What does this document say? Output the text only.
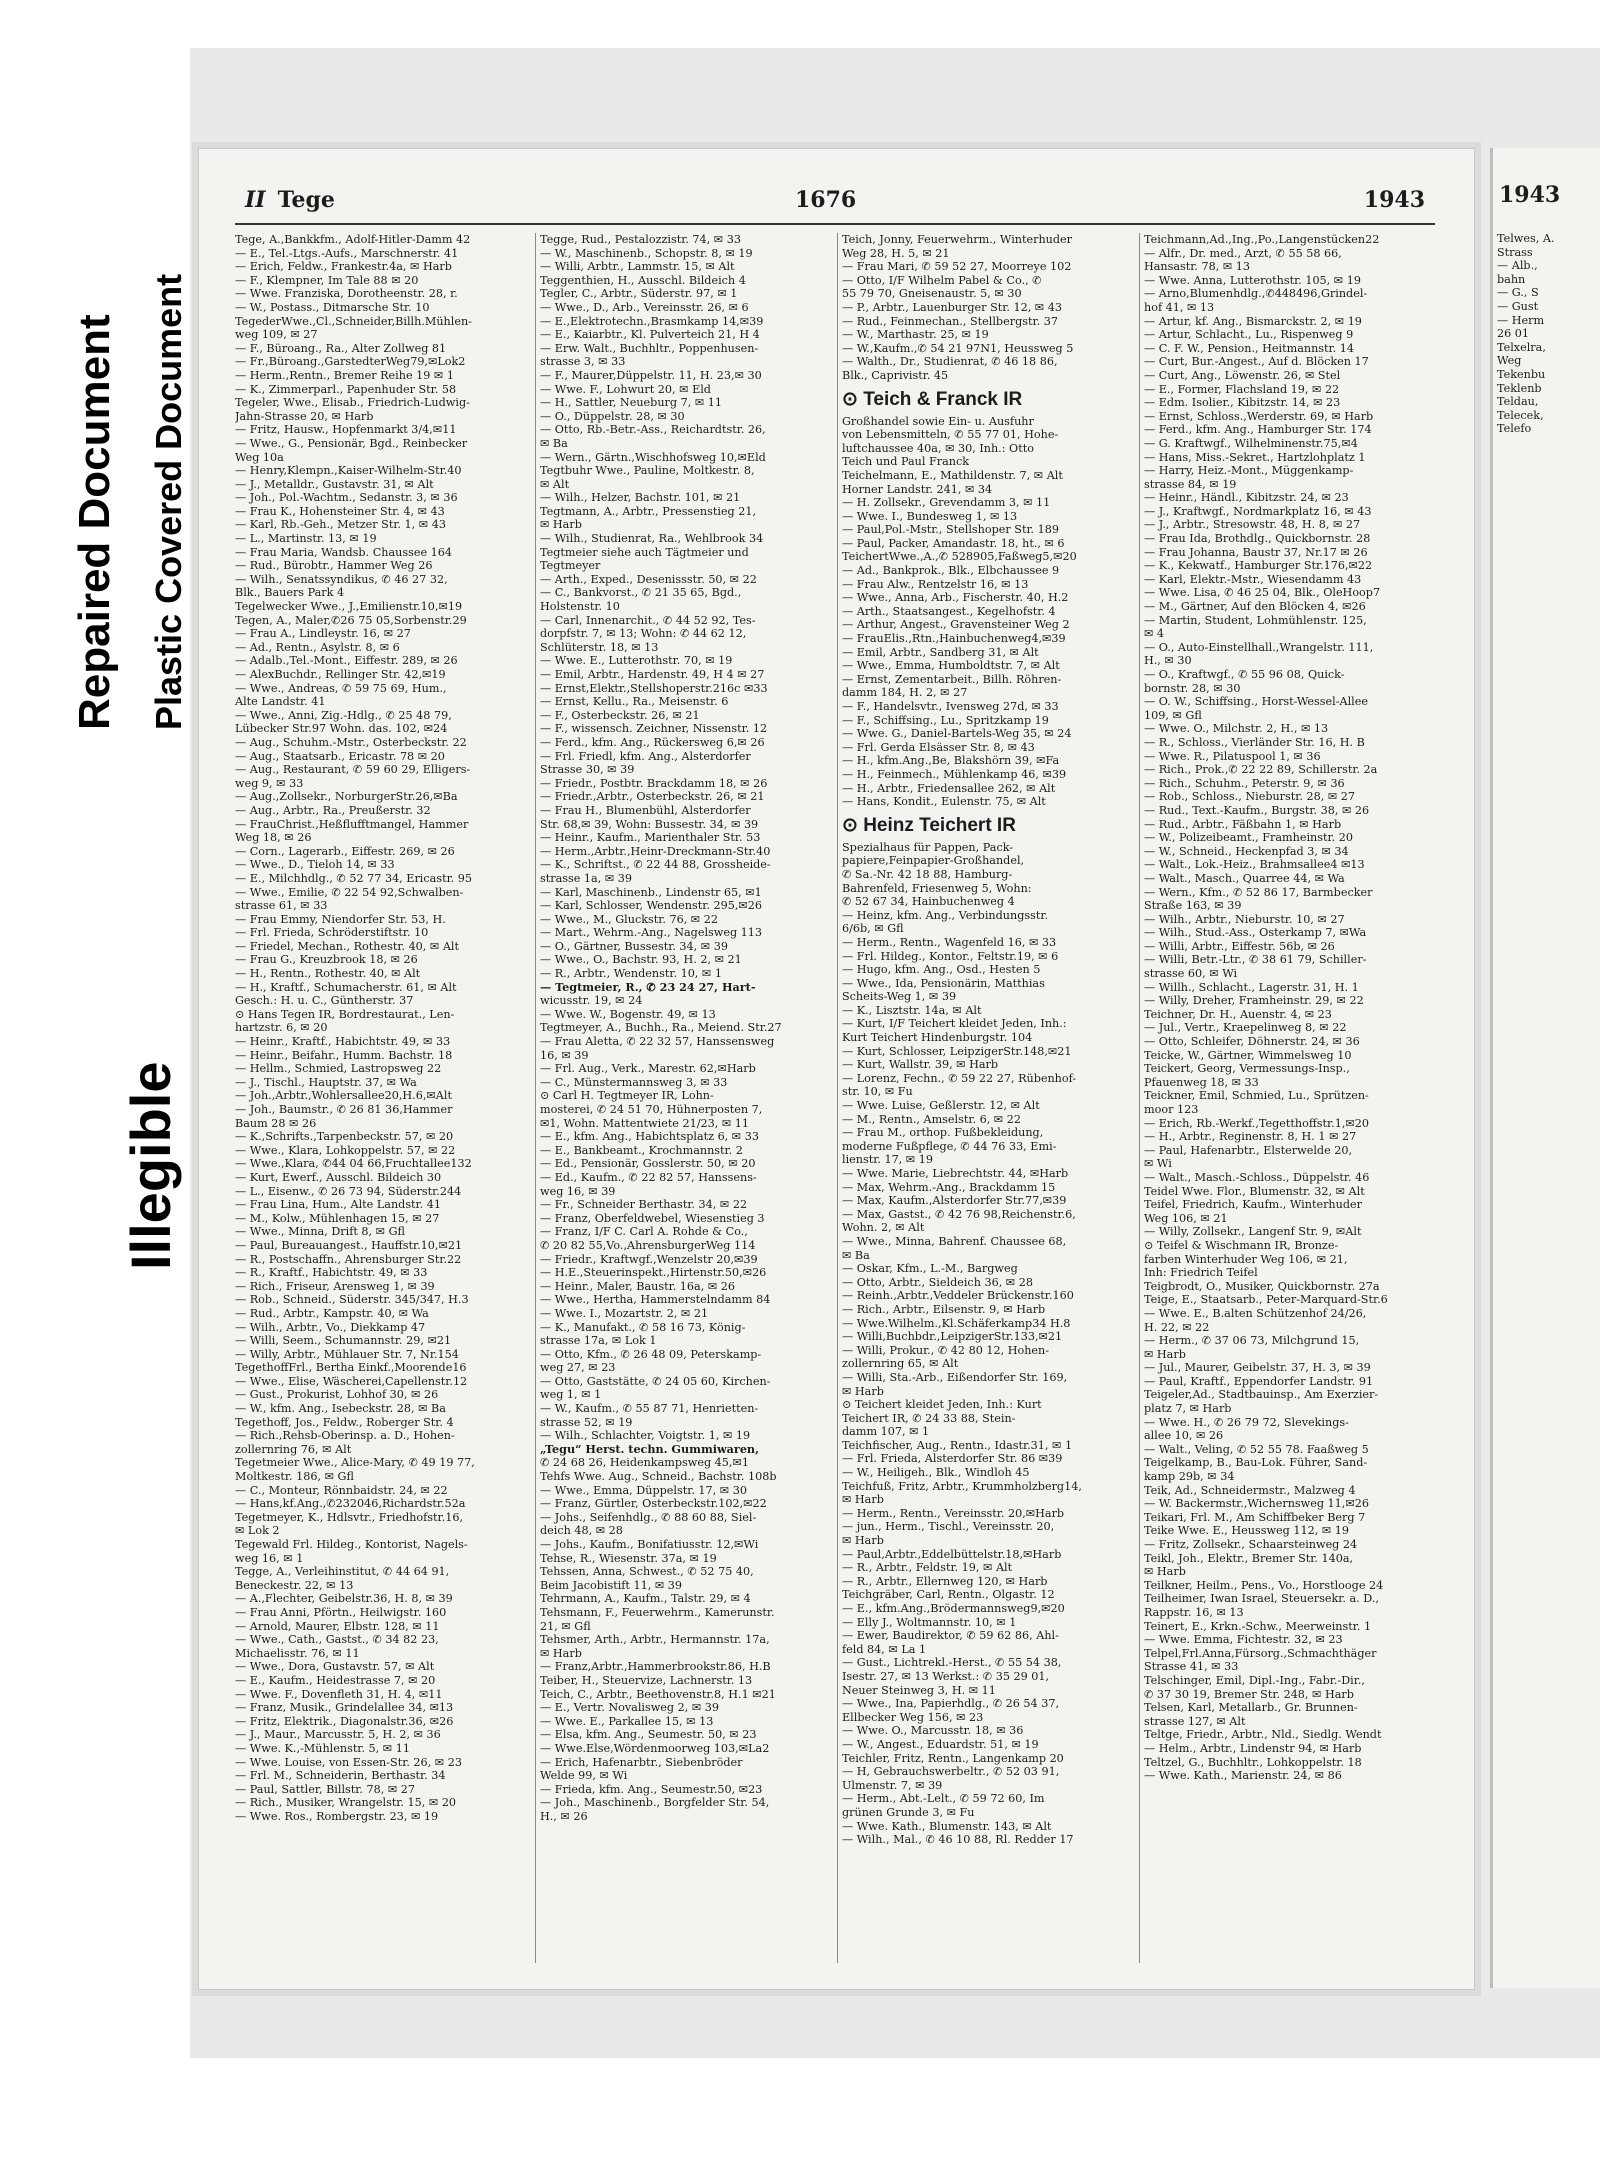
Repaired Document Plastic Covered Document
Illegible
II Tege	1676	1943
Tege, A.,Bankkfm., Adolf-Hitler-Damm 42
— E., Tel.-Ltgs.-Aufs., Marschnerstr. 41
— Erich, Feldw., Frankestr.4a, ✉ Harb
— F., Klempner, Im Tale 88 ✉ 20
— Wwe. Franziska, Dorotheenstr. 28, r.
— W., Postass., Ditmarsche Str. 10
TegederWwe.,Cl.,Schneider,Billh.Mühlen-
weg 109, ✉ 27
— F., Büroang., Ra., Alter Zollweg 81
— Fr.,Büroang.,GarstedterWeg79,✉Lok2
— Herm.,Rentn., Bremer Reihe 19 ✉ 1
— K., Zimmerparl., Papenhuder Str. 58
Tegeler, Wwe., Elisab., Friedrich-Ludwig-
Jahn-Strasse 20, ✉ Harb
— Fritz, Hausw., Hopfenmarkt 3/4,✉11
— Wwe., G., Pensionär, Bgd., Reinbecker
Weg 10a
— Henry,Klempn.,Kaiser-Wilhelm-Str.40
— J., Metalldr., Gustavstr. 31, ✉ Alt
— Joh., Pol.-Wachtm., Sedanstr. 3, ✉ 36
— Frau K., Hohensteiner Str. 4, ✉ 43
— Karl, Rb.-Geh., Metzer Str. 1, ✉ 43
— L., Martinstr. 13, ✉ 19
— Frau Maria, Wandsb. Chaussee 164
— Rud., Bürobtr., Hammer Weg 26
— Wilh., Senatssyndikus, ✆ 46 27 32,
Blk., Bauers Park 4
Tegelwecker Wwe., J.,Emilienstr.10,✉19
Tegen, A., Maler,✆26 75 05,Sorbenstr.29
— Frau A., Lindleystr. 16, ✉ 27
— Ad., Rentn., Asylstr. 8, ✉ 6
— Adalb.,Tel.-Mont., Eiffestr. 289, ✉ 26
— AlexBuchdr., Rellinger Str. 42,✉19
— Wwe., Andreas, ✆ 59 75 69, Hum.,
Alte Landstr. 41
— Wwe., Anni, Zig.-Hdlg., ✆ 25 48 79,
Lübecker Str.97 Wohn. das. 102, ✉24
— Aug., Schuhm.-Mstr., Osterbeckstr. 22
— Aug., Staatsarb., Ericastr. 78 ✉ 20
— Aug., Restaurant, ✆ 59 60 29, Elligers-
weg 9, ✉ 33
— Aug.,Zollsekr., NorburgerStr.26,✉Ba
— Aug., Arbtr., Ra., Preußerstr. 32
— FrauChrist.,Heßflufftmangel, Hammer
Weg 18, ✉ 26
— Corn., Lagerarb., Eiffestr. 269, ✉ 26
— Wwe., D., Tieloh 14, ✉ 33
— E., Milchhdlg., ✆ 52 77 34, Ericastr. 95
— Wwe., Emilie, ✆ 22 54 92,Schwalben-
strasse 61, ✉ 33
— Frau Emmy, Niendorfer Str. 53, H.
— Frl. Frieda, Schröderstiftstr. 10
— Friedel, Mechan., Rothestr. 40, ✉ Alt
— Frau G., Kreuzbrook 18, ✉ 26
— H., Rentn., Rothestr. 40, ✉ Alt
— H., Kraftf., Schumacherstr. 61, ✉ Alt
Gesch.: H. u. C., Güntherstr. 37
⊙ Hans Tegen IR, Bordrestaurat., Len-
hartzstr. 6, ✉ 20
— Heinr., Kraftf., Habichtstr. 49, ✉ 33
— Heinr., Beifahr., Humm. Bachstr. 18
— Hellm., Schmied, Lastropsweg 22
— J., Tischl., Hauptstr. 37, ✉ Wa
— Joh.,Arbtr.,Wohlersallee20,H.6,✉Alt
— Joh., Baumstr., ✆ 26 81 36,Hammer
Baum 28 ✉ 26
— K.,Schrifts.,Tarpenbeckstr. 57, ✉ 20
— Wwe., Klara, Lohkoppelstr. 57, ✉ 22
— Wwe.,Klara, ✆44 04 66,Fruchtallee132
— Kurt, Ewerf., Ausschl. Bildeich 30
— L., Eisenw., ✆ 26 73 94, Süderstr.244
— Frau Lina, Hum., Alte Landstr. 41
— M., Kolw., Mühlenhagen 15, ✉ 27
— Wwe., Minna, Drift 8, ✉ Gfl
— Paul, Bureauangest., Hauffstr.10,✉21
— R., Postschaffn., Ahrensburger Str.22
— R., Kraftf., Habichtstr. 49, ✉ 33
— Rich., Friseur, Arensweg 1, ✉ 39
— Rob., Schneid., Süderstr. 345/347, H.3
— Rud., Arbtr., Kampstr. 40, ✉ Wa
— Wilh., Arbtr., Vo., Diekkamp 47
— Willi, Seem., Schumannstr. 29, ✉21
— Willy, Arbtr., Mühlauer Str. 7, Nr.154
TegethoffFrl., Bertha Einkf.,Moorende16
— Wwe., Elise, Wäscherei,Capellenstr.12
— Gust., Prokurist, Lohhof 30, ✉ 26
— W., kfm. Ang., Isebeckstr. 28, ✉ Ba
Tegethoff, Jos., Feldw., Roberger Str. 4
— Rich.,Rehsb-Oberinsp. a. D., Hohen-
zollernring 76, ✉ Alt
Tegetmeier Wwe., Alice-Mary, ✆ 49 19 77,
Moltkestr. 186, ✉ Gfl
— C., Monteur, Rönnbaidstr. 24, ✉ 22
— Hans,kf.Ang.,✆232046,Richardstr.52a
Tegetmeyer, K., Hdlsvtr., Friedhofstr.16,
✉ Lok 2
Tegewald Frl. Hildeg., Kontorist, Nagels-
weg 16, ✉ 1
Tegge, A., Verleihinstitut, ✆ 44 64 91,
Beneckestr. 22, ✉ 13
— A.,Flechter, Geibelstr.36, H. 8, ✉ 39
— Frau Anni, Pförtn., Heilwigstr. 160
— Arnold, Maurer, Elbstr. 128, ✉ 11
— Wwe., Cath., Gastst., ✆ 34 82 23,
Michaelisstr. 76, ✉ 11
— Wwe., Dora, Gustavstr. 57, ✉ Alt
— E., Kaufm., Heidestrasse 7, ✉ 20
— Wwe. F., Dovenfleth 31, H. 4, ✉11
— Franz, Musik., Grindelallee 34, ✉13
— Fritz, Elektrik., Diagonalstr.36, ✉26
— J., Maur., Marcusstr. 5, H. 2, ✉ 36
— Wwe. K.,-Mühlenstr. 5, ✉ 11
— Wwe. Louise, von Essen-Str. 26, ✉ 23
— Frl. M., Schneiderin, Berthastr. 34
— Paul, Sattler, Billstr. 78, ✉ 27
— Rich., Musiker, Wrangelstr. 15, ✉ 20
— Wwe. Ros., Rombergstr. 23, ✉ 19
Tegge, Rud., Pestalozzistr. 74, ✉ 33
— W., Maschinenb., Schopstr. 8, ✉ 19
— Willi, Arbtr., Lammstr. 15, ✉ Alt
Teggenthien, H., Ausschl. Bildeich 4
Tegler, C., Arbtr., Süderstr. 97, ✉ 1
— Wwe., D., Arb., Vereinsstr. 26, ✉ 6
— E.,Elektrotechn.,Brasmkamp 14,✉39
— E., Kaiarbtr., Kl. Pulverteich 21, H 4
— Erw. Walt., Buchhltr., Poppenhusen-
strasse 3, ✉ 33
— F., Maurer,Düppelstr. 11, H. 23,✉ 30
— Wwe. F., Lohwurt 20, ✉ Eld
— H., Sattler, Neueburg 7, ✉ 11
— O., Düppelstr. 28, ✉ 30
— Otto, Rb.-Betr.-Ass., Reichardtstr. 26,
✉ Ba
— Wern., Gärtn.,Wischhofsweg 10,✉Eld
Tegtbuhr Wwe., Pauline, Moltkestr. 8,
✉ Alt
— Wilh., Helzer, Bachstr. 101, ✉ 21
Tegtmann, A., Arbtr., Pressenstieg 21,
✉ Harb
— Wilh., Studienrat, Ra., Wehlbrook 34
Tegtmeier siehe auch Tägtmeier und
Tegtmeyer
— Arth., Exped., Desenissstr. 50, ✉ 22
— C., Bankvorst., ✆ 21 35 65, Bgd.,
Holstenstr. 10
— Carl, Innenarchit., ✆ 44 52 92, Tes-
dorpfstr. 7, ✉ 13; Wohn: ✆ 44 62 12,
Schlüterstr. 18, ✉ 13
— Wwe. E., Lutterothstr. 70, ✉ 19
— Emil, Arbtr., Hardenstr. 49, H 4 ✉ 27
— Ernst,Elektr.,Stellshoperstr.216c ✉33
— Ernst, Kellu., Ra., Meisenstr. 6
— F., Osterbeckstr. 26, ✉ 21
— F., wissensch. Zeichner, Nissenstr. 12
— Ferd., kfm. Ang., Rückersweg 6,✉ 26
— Frl. Friedl, kfm. Ang., Alsterdorfer
Strasse 30, ✉ 39
— Friedr., Postbtr. Brackdamm 18, ✉ 26
— Friedr.,Arbtr., Osterbeckstr. 26, ✉ 21
— Frau H., Blumenbühl, Alsterdorfer
Str. 68,✉ 39, Wohn: Bussestr. 34, ✉ 39
— Heinr., Kaufm., Marienthaler Str. 53
— Herm.,Arbtr.,Heinr-Dreckmann-Str.40
— K., Schriftst., ✆ 22 44 88, Grossheide-
strasse 1a, ✉ 39
— Karl, Maschinenb., Lindenstr 65, ✉1
— Karl, Schlosser, Wendenstr. 295,✉26
— Wwe., M., Gluckstr. 76, ✉ 22
— Mart., Wehrm.-Ang., Nagelsweg 113
— O., Gärtner, Bussestr. 34, ✉ 39
— Wwe., O., Bachstr. 93, H. 2, ✉ 21
— R., Arbtr., Wendenstr. 10, ✉ 1
— Tegtmeier, R., ✆ 23 24 27, Hart-
wicusstr. 19, ✉ 24
— Wwe. W., Bogenstr. 49, ✉ 13
Tegtmeyer, A., Buchh., Ra., Meiend. Str.27
— Frau Aletta, ✆ 22 32 57, Hanssensweg
16, ✉ 39
— Frl. Aug., Verk., Marestr. 62,✉Harb
— C., Münstermannsweg 3, ✉ 33
⊙ Carl H. Tegtmeyer IR, Lohn-
mosterei, ✆ 24 51 70, Hühnerposten 7,
✉1, Wohn. Mattentwiete 21/23, ✉ 11
— E., kfm. Ang., Habichtsplatz 6, ✉ 33
— E., Bankbeamt., Krochmannstr. 2
— Ed., Pensionär, Gosslerstr. 50, ✉ 20
— Ed., Kaufm., ✆ 22 82 57, Hanssens-
weg 16, ✉ 39
— Fr., Schneider Berthastr. 34, ✉ 22
— Franz, Oberfeldwebel, Wiesenstieg 3
— Franz, I/F C. Carl A. Rohde & Co.,
✆ 20 82 55,Vo.,AhrensburgerWeg 114
— Friedr., Kraftwgf.,Wenzelstr 20,✉39
— H.E.,Steuerinspekt.,Hirtenstr.50,✉26
— Heinr., Maler, Baustr. 16a, ✉ 26
— Wwe., Hertha, Hammerstelndamm 84
— Wwe. I., Mozartstr. 2, ✉ 21
— K., Manufakt., ✆ 58 16 73, König-
strasse 17a, ✉ Lok 1
— Otto, Kfm., ✆ 26 48 09, Peterskamp-
weg 27, ✉ 23
— Otto, Gaststätte, ✆ 24 05 60, Kirchen-
weg 1, ✉ 1
— W., Kaufm., ✆ 55 87 71, Henrietten-
strasse 52, ✉ 19
— Wilh., Schlachter, Voigtstr. 1, ✉ 19
„Tegu“ Herst. techn. Gummiwaren,
✆ 24 68 26, Heidenkampsweg 45,✉1
Tehfs Wwe. Aug., Schneid., Bachstr. 108b
— Wwe., Emma, Düppelstr. 17, ✉ 30
— Franz, Gürtler, Osterbeckstr.102,✉22
— Johs., Seifenhdlg., ✆ 88 60 88, Siel-
deich 48, ✉ 28
— Johs., Kaufm., Bonifatiusstr. 12,✉Wi
Tehse, R., Wiesenstr. 37a, ✉ 19
Tehssen, Anna, Schwest., ✆ 52 75 40,
Beim Jacobistift 11, ✉ 39
Tehrmann, A., Kaufm., Talstr. 29, ✉ 4
Tehsmann, F., Feuerwehrm., Kamerunstr.
21, ✉ Gfl
Tehsmer, Arth., Arbtr., Hermannstr. 17a,
✉ Harb
— Franz,Arbtr.,Hammerbrookstr.86, H.B
Teiber, H., Steuervize, Lachnerstr. 13
Teich, C., Arbtr., Beethovenstr.8, H.1 ✉21
— E., Vertr. Novalisweg 2, ✉ 39
— Wwe. E., Parkallee 15, ✉ 13
— Elsa, kfm. Ang., Seumestr. 50, ✉ 23
— Wwe.Else,Wördenmoorweg 103,✉La2
— Erich, Hafenarbtr., Siebenbröder
Welde 99, ✉ Wi
— Frieda, kfm. Ang., Seumestr.50, ✉23
— Joh., Maschinenb., Borgfelder Str. 54,
H., ✉ 26
Teich, Jonny, Feuerwehrm., Winterhuder
Weg 28, H. 5, ✉ 21
— Frau Mari, ✆ 59 52 27, Moorreye 102
— Otto, I/F Wilhelm Pabel & Co., ✆
55 79 70, Gneisenaustr. 5, ✉ 30
— P., Arbtr., Lauenburger Str. 12, ✉ 43
— Rud., Feinmechan., Stellbergstr. 37
— W., Marthastr. 25, ✉ 19
— W.,Kaufm.,✆ 54 21 97N1, Heussweg 5
— Walth., Dr., Studienrat, ✆ 46 18 86,
Blk., Caprivistr. 45
⊙ Teich & Franck IR
Großhandel sowie Ein- u. Ausfuhr
von Lebensmitteln, ✆ 55 77 01, Hohe-
luftchaussee 40a, ✉ 30, Inh.: Otto
Teich und Paul Franck
Teichelmann, E., Mathildenstr. 7, ✉ Alt
Horner Landstr. 241, ✉ 34
— H. Zollsekr., Grevendamm 3, ✉ 11
— Wwe. I., Bundesweg 1, ✉ 13
— Paul,Pol.-Mstr., Stellshoper Str. 189
— Paul, Packer, Amandastr. 18, ht., ✉ 6
TeichertWwe.,A.,✆ 528905,Faßweg5,✉20
— Ad., Bankprok., Blk., Elbchaussee 9
— Frau Alw., Rentzelstr 16, ✉ 13
— Wwe., Anna, Arb., Fischerstr. 40, H.2
— Arth., Staatsangest., Kegelhofstr. 4
— Arthur, Angest., Gravensteiner Weg 2
— FrauElis.,Rtn.,Hainbuchenweg4,✉39
— Emil, Arbtr., Sandberg 31, ✉ Alt
— Wwe., Emma, Humboldtstr. 7, ✉ Alt
— Ernst, Zementarbeit., Billh. Röhren-
damm 184, H. 2, ✉ 27
— F., Handelsvtr., Ivensweg 27d, ✉ 33
— F., Schiffsing., Lu., Spritzkamp 19
— Wwe. G., Daniel-Bartels-Weg 35, ✉ 24
— Frl. Gerda Elsässer Str. 8, ✉ 43
— H., kfm.Ang.,Be, Blakshörn 39, ✉Fa
— H., Feinmech., Mühlenkamp 46, ✉39
— H., Arbtr., Friedensallee 262, ✉ Alt
— Hans, Kondit., Eulenstr. 75, ✉ Alt
⊙ Heinz Teichert IR
Spezialhaus für Pappen, Pack-
papiere,Feinpapier-Großhandel,
✆ Sa.-Nr. 42 18 88, Hamburg-
Bahrenfeld, Friesenweg 5, Wohn:
✆ 52 67 34, Hainbuchenweg 4
— Heinz, kfm. Ang., Verbindungsstr.
6/6b, ✉ Gfl
— Herm., Rentn., Wagenfeld 16, ✉ 33
— Frl. Hildeg., Kontor., Feltstr.19, ✉ 6
— Hugo, kfm. Ang., Osd., Hesten 5
— Wwe., Ida, Pensionärin, Matthias
Scheits-Weg 1, ✉ 39
— K., Lisztstr. 14a, ✉ Alt
— Kurt, I/F Teichert kleidet Jeden, Inh.:
Kurt Teichert Hindenburgstr. 104
— Kurt, Schlosser, LeipzigerStr.148,✉21
— Kurt, Wallstr. 39, ✉ Harb
— Lorenz, Fechn., ✆ 59 22 27, Rübenhof-
str. 10, ✉ Fu
— Wwe. Luise, Geßlerstr. 12, ✉ Alt
— M., Rentn., Amselstr. 6, ✉ 22
— Frau M., orthop. Fußbekleidung,
moderne Fußpflege, ✆ 44 76 33, Emi-
lienstr. 17, ✉ 19
— Wwe. Marie, Liebrechtstr. 44, ✉Harb
— Max, Wehrm.-Ang., Brackdamm 15
— Max, Kaufm.,Alsterdorfer Str.77,✉39
— Max, Gastst., ✆ 42 76 98,Reichenstr.6,
Wohn. 2, ✉ Alt
— Wwe., Minna, Bahrenf. Chaussee 68,
✉ Ba
— Oskar, Kfm., L.-M., Bargweg
— Otto, Arbtr., Sieldeich 36, ✉ 28
— Reinh.,Arbtr.,Veddeler Brückenstr.160
— Rich., Arbtr., Eilsenstr. 9, ✉ Harb
— Wwe.Wilhelm.,Kl.Schäferkamp34 H.8
— Willi,Buchbdr.,LeipzigerStr.133,✉21
— Willi, Prokur., ✆ 42 80 12, Hohen-
zollernring 65, ✉ Alt
— Willi, Sta.-Arb., Eißendorfer Str. 169,
✉ Harb
⊙ Teichert kleidet Jeden, Inh.: Kurt
Teichert IR, ✆ 24 33 88, Stein-
damm 107, ✉ 1
Teichfischer, Aug., Rentn., Idastr.31, ✉ 1
— Frl. Frieda, Alsterdorfer Str. 86 ✉39
— W., Heiligeh., Blk., Windloh 45
Teichfuß, Fritz, Arbtr., Krummholzberg14,
✉ Harb
— Herm., Rentn., Vereinsstr. 20,✉Harb
— jun., Herm., Tischl., Vereinsstr. 20,
✉ Harb
— Paul,Arbtr.,Eddelbüttelstr.18,✉Harb
— R., Arbtr., Feldstr. 19, ✉ Alt
— R., Arbtr., Ellernweg 120, ✉ Harb
Teichgräber, Carl, Rentn., Olgastr. 12
— E., kfm.Ang.,Brödermannsweg9,✉20
— Elly J., Woltmannstr. 10, ✉ 1
— Ewer, Baudirektor, ✆ 59 62 86, Ahl-
feld 84, ✉ La 1
— Gust., Lichtrekl.-Herst., ✆ 55 54 38,
Isestr. 27, ✉ 13 Werkst.: ✆ 35 29 01,
Neuer Steinweg 3, H. ✉ 11
— Wwe., Ina, Papierhdlg., ✆ 26 54 37,
Ellbecker Weg 156, ✉ 23
— Wwe. O., Marcusstr. 18, ✉ 36
— W., Angest., Eduardstr. 51, ✉ 19
Teichler, Fritz, Rentn., Langenkamp 20
— H, Gebrauchswerbeltr., ✆ 52 03 91,
Ulmenstr. 7, ✉ 39
— Herm., Abt.-Lelt., ✆ 59 72 60, Im
grünen Grunde 3, ✉ Fu
— Wwe. Kath., Blumenstr. 143, ✉ Alt
— Wilh., Mal., ✆ 46 10 88, Rl. Redder 17
Teichmann,Ad.,Ing.,Po.,Langenstücken22
— Alfr., Dr. med., Arzt, ✆ 55 58 66,
Hansastr. 78, ✉ 13
— Wwe. Anna, Lutterothstr. 105, ✉ 19
— Arno,Blumenhdlg.,✆448496,Grindel-
hof 41, ✉ 13
— Artur, kf. Ang., Bismarckstr. 2, ✉ 19
— Artur, Schlacht., Lu., Rispenweg 9
— C. F. W., Pension., Heitmannstr. 14
— Curt, Bur.-Angest., Auf d. Blöcken 17
— Curt, Ang., Löwenstr. 26, ✉ Stel
— E., Former, Flachsland 19, ✉ 22
— Edm. Isolier., Kibitzstr. 14, ✉ 23
— Ernst, Schloss.,Werderstr. 69, ✉ Harb
— Ferd., kfm. Ang., Hamburger Str. 174
— G. Kraftwgf., Wilhelminenstr.75,✉4
— Hans, Miss.-Sekret., Hartzlohplatz 1
— Harry, Heiz.-Mont., Müggenkamp-
strasse 84, ✉ 19
— Heinr., Händl., Kibitzstr. 24, ✉ 23
— J., Kraftwgf., Nordmarkplatz 16, ✉ 43
— J., Arbtr., Stresowstr. 48, H. 8, ✉ 27
— Frau Ida, Brothdlg., Quickbornstr. 28
— Frau Johanna, Baustr 37, Nr.17 ✉ 26
— K., Kekwatf., Hamburger Str.176,✉22
— Karl, Elektr.-Mstr., Wiesendamm 43
— Wwe. Lisa, ✆ 46 25 04, Blk., OleHoop7
— M., Gärtner, Auf den Blöcken 4, ✉26
— Martin, Student, Lohmühlenstr. 125,
✉ 4
— O., Auto-Einstellhall.,Wrangelstr. 111,
H., ✉ 30
— O., Kraftwgf., ✆ 55 96 08, Quick-
bornstr. 28, ✉ 30
— O. W., Schiffsing., Horst-Wessel-Allee
109, ✉ Gfl
— Wwe. O., Milchstr. 2, H., ✉ 13
— R., Schloss., Vierländer Str. 16, H. B
— Wwe. R., Pilatuspool 1, ✉ 36
— Rich., Prok.,✆ 22 22 89, Schillerstr. 2a
— Rich., Schuhm., Peterstr. 9, ✉ 36
— Rob., Schloss., Nieburstr. 28, ✉ 27
— Rud., Text.-Kaufm., Burgstr. 38, ✉ 26
— Rud., Arbtr., Fäßbahn 1, ✉ Harb
— W., Polizeibeamt., Framheinstr. 20
— W., Schneid., Heckenpfad 3, ✉ 34
— Walt., Lok.-Heiz., Brahmsallee4 ✉13
— Walt., Masch., Quarree 44, ✉ Wa
— Wern., Kfm., ✆ 52 86 17, Barmbecker
Straße 163, ✉ 39
— Wilh., Arbtr., Nieburstr. 10, ✉ 27
— Wilh., Stud.-Ass., Osterkamp 7, ✉Wa
— Willi, Arbtr., Eiffestr. 56b, ✉ 26
— Willi, Betr.-Ltr., ✆ 38 61 79, Schiller-
strasse 60, ✉ Wi
— Willh., Schlacht., Lagerstr. 31, H. 1
— Willy, Dreher, Framheinstr. 29, ✉ 22
Teichner, Dr. H., Auenstr. 4, ✉ 23
— Jul., Vertr., Kraepelinweg 8, ✉ 22
— Otto, Schleifer, Döhnerstr. 24, ✉ 36
Teicke, W., Gärtner, Wimmelsweg 10
Teickert, Georg, Vermessungs-Insp.,
Pfauenweg 18, ✉ 33
Teickner, Emil, Schmied, Lu., Sprützen-
moor 123
— Erich, Rb.-Werkf.,Tegetthoffstr.1,✉20
— H., Arbtr., Reginenstr. 8, H. 1 ✉ 27
— Paul, Hafenarbtr., Elsterwelde 20,
✉ Wi
— Walt., Masch.-Schloss., Düppelstr. 46
Teidel Wwe. Flor., Blumenstr. 32, ✉ Alt
Teifel, Friedrich, Kaufm., Winterhuder
Weg 106, ✉ 21
— Willy, Zollsekr., Langenf Str. 9, ✉Alt
⊙ Teifel & Wischmann IR, Bronze-
farben Winterhuder Weg 106, ✉ 21,
Inh: Friedrich Teifel
Teigbrodt, O., Musiker, Quickbornstr. 27a
Teige, E., Staatsarb., Peter-Marquard-Str.6
— Wwe. E., B.alten Schützenhof 24/26,
H. 22, ✉ 22
— Herm., ✆ 37 06 73, Milchgrund 15,
✉ Harb
— Jul., Maurer, Geibelstr. 37, H. 3, ✉ 39
— Paul, Kraftf., Eppendorfer Landstr. 91
Teigeler,Ad., Stadtbauinsp., Am Exerzier-
platz 7, ✉ Harb
— Wwe. H., ✆ 26 79 72, Slevekings-
allee 10, ✉ 26
— Walt., Veling, ✆ 52 55 78. Faaßweg 5
Teigelkamp, B., Bau-Lok. Führer, Sand-
kamp 29b, ✉ 34
Teik, Ad., Schneidermstr., Malzweg 4
— W. Backermstr.,Wichernsweg 11,✉26
Teikari, Frl. M., Am Schiffbeker Berg 7
Teike Wwe. E., Heussweg 112, ✉ 19
— Fritz, Zollsekr., Schaarsteinweg 24
Teikl, Joh., Elektr., Bremer Str. 140a,
✉ Harb
Teilkner, Heilm., Pens., Vo., Horstlooge 24
Teilheimer, Iwan Israel, Steuersekr. a. D.,
Rappstr. 16, ✉ 13
Teinert, E., Krkn.-Schw., Meerweinstr. 1
— Wwe. Emma, Fichtestr. 32, ✉ 23
Telpel,Frl.Anna,Fürsorg.,Schmachthäger
Strasse 41, ✉ 33
Telschinger, Emil, Dipl.-Ing., Fabr.-Dir.,
✆ 37 30 19, Bremer Str. 248, ✉ Harb
Telsen, Karl, Metallarb., Gr. Brunnen-
strasse 127, ✉ Alt
Teltge, Friedr., Arbtr., Nld., Siedlg. Wendt
— Helm., Arbtr., Lindenstr 94, ✉ Harb
Teltzel, G., Buchhltr., Lohkoppelstr. 18
— Wwe. Kath., Marienstr. 24, ✉ 86
1943
Telwes, A.
Strass
— Alb.,
bahn
— G., S
— Gust
— Herm
26 01
Telxelra,
Weg
Tekenbu
Teklenb
Teldau,
Telecek,
Telefo
